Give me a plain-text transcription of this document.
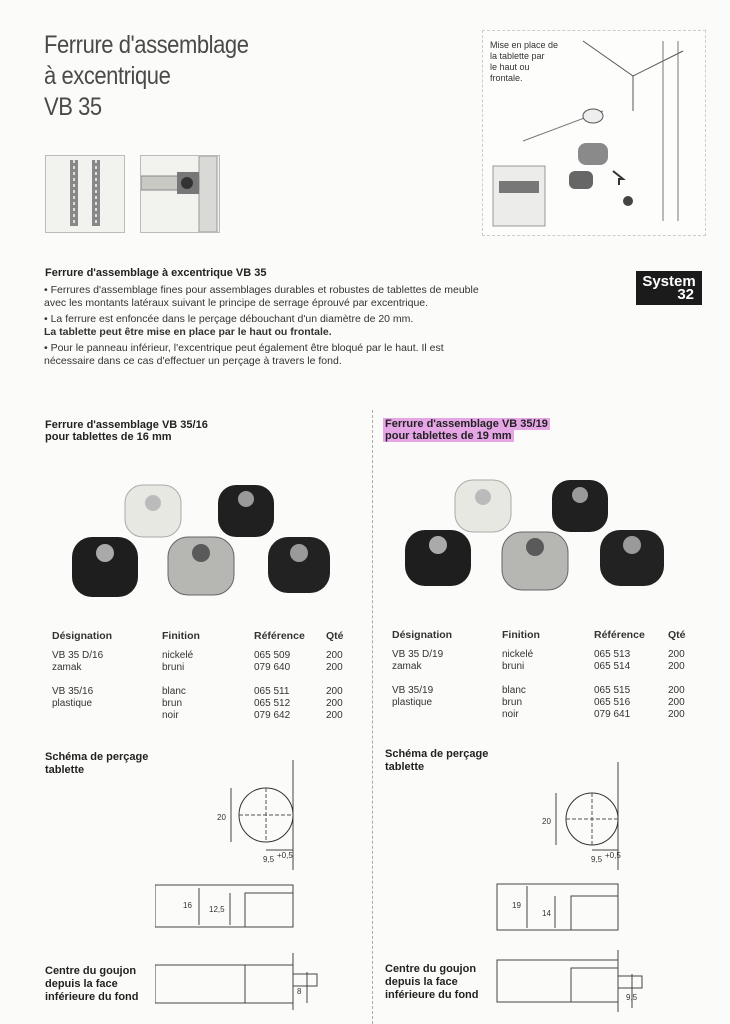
Ferrure d'assemblage
à excentrique
VB 35
Mise en place de
la tablette par
le haut ou
frontale.
Ferrure d'assemblage à excentrique VB 35

• Ferrures d'assemblage fines pour assemblages durables et robustes de tablettes de meuble avec les montants latéraux suivant le principe de serrage éprouvé par excentrique.

• La ferrure est enfoncée dans le perçage débouchant d'un diamètre de 20 mm.
La tablette peut être mise en place par le haut ou frontale.

• Pour le panneau inférieur, l'excentrique peut également être bloqué par le haut. Il est nécessaire dans ce cas d'effectuer un perçage à travers le fond.

System
32
Ferrure d'assemblage VB 35/16
pour tablettes de 16 mm
Désignation	Finition	Référence	Qté
VB 35 D/16	nickelé	065 509	200
zamak	bruni	079 640	200

VB 35/16	blanc	065 511	200
plastique	brun	065 512	200
	noir	079 642	200
Schéma de perçage
tablette
20
9,5 +0,5
16 12,5
8
Centre du goujon
depuis la face
inférieure du fond
Ferrure d'assemblage VB 35/19
pour tablettes de 19 mm
Désignation	Finition	Référence	Qté
VB 35 D/19	nickelé	065 513	200
zamak	bruni	065 514	200

VB 35/19	blanc	065 515	200
plastique	brun	065 516	200
	noir	079 641	200
Schéma de perçage
tablette
20
9,5 +0,5
19
14
9,5
Centre du goujon
depuis la face
inférieure du fond
